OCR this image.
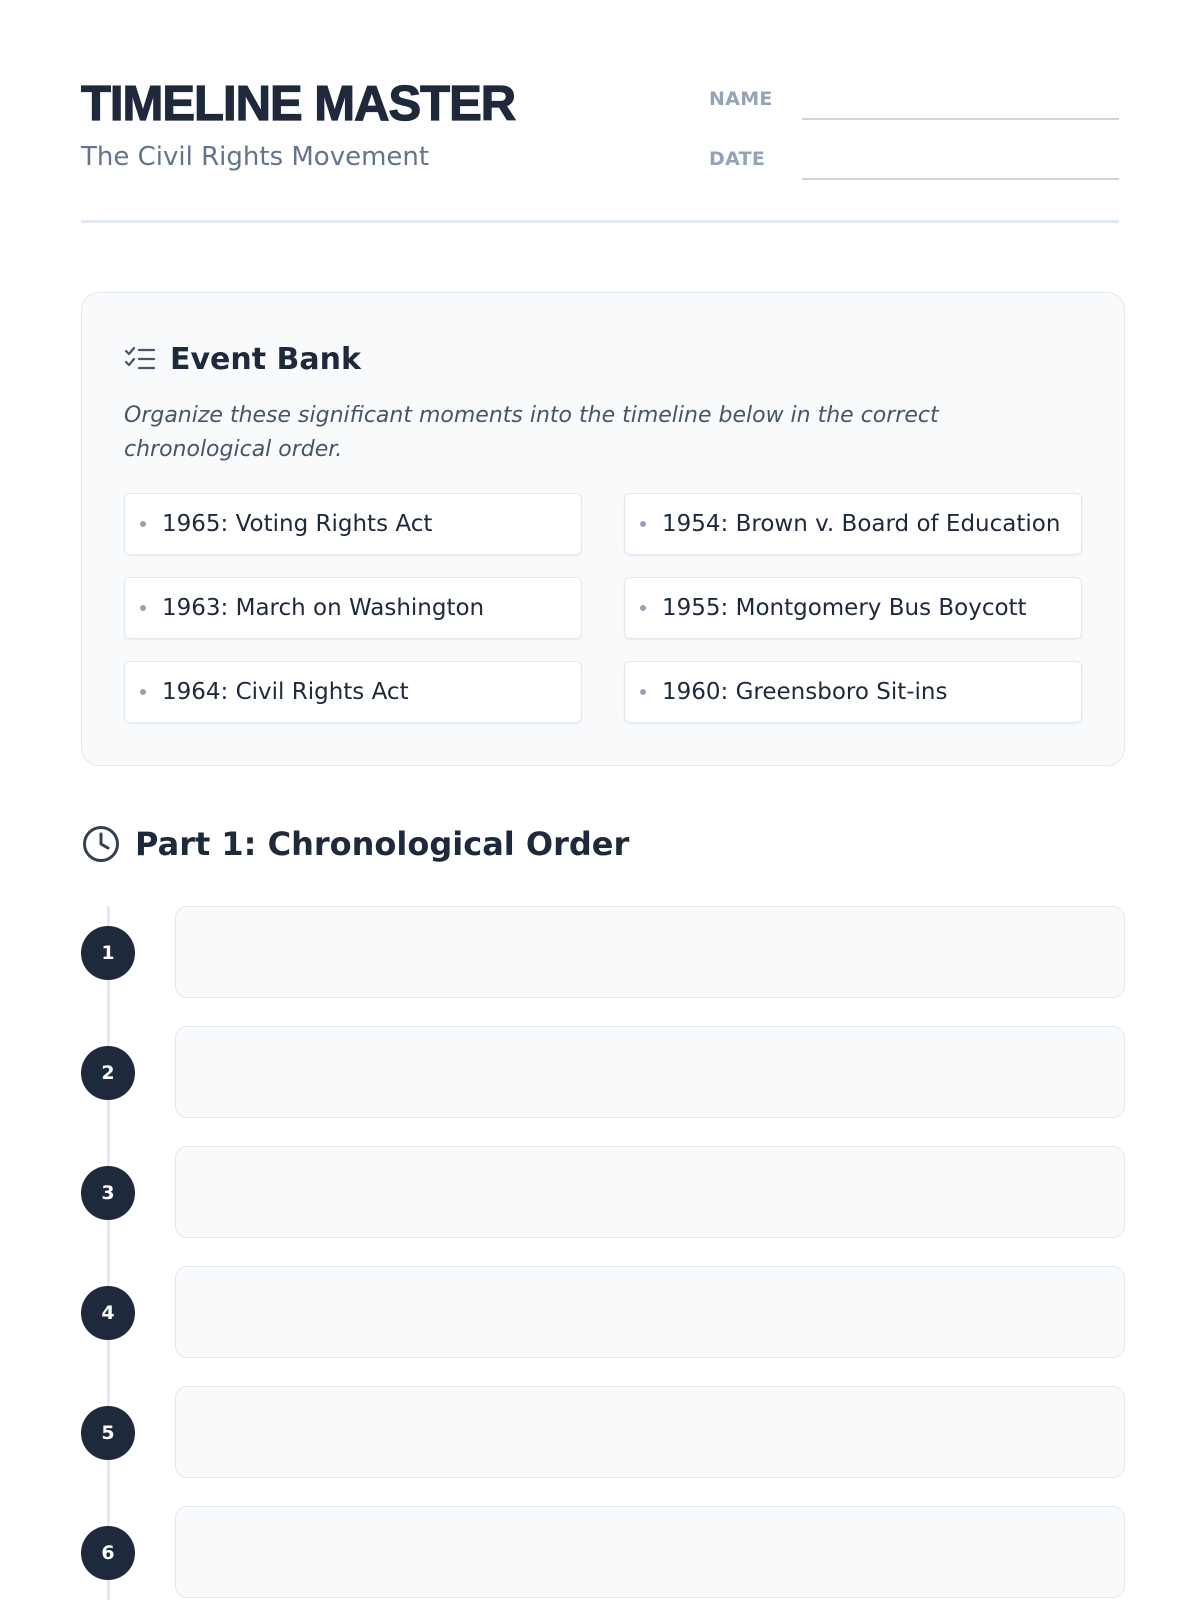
TIMELINE MASTER
The Civil Rights Movement
NAME
DATE
Event Bank
Organize these significant moments into the timeline below in the correct chronological order.
1965: Voting Rights Act	1954: Brown v. Board of Education
1963: March on Washington	1955: Montgomery Bus Boycott
1964: Civil Rights Act	1960: Greensboro Sit-ins
Part 1: Chronological Order
1
2
3
4
5
6
